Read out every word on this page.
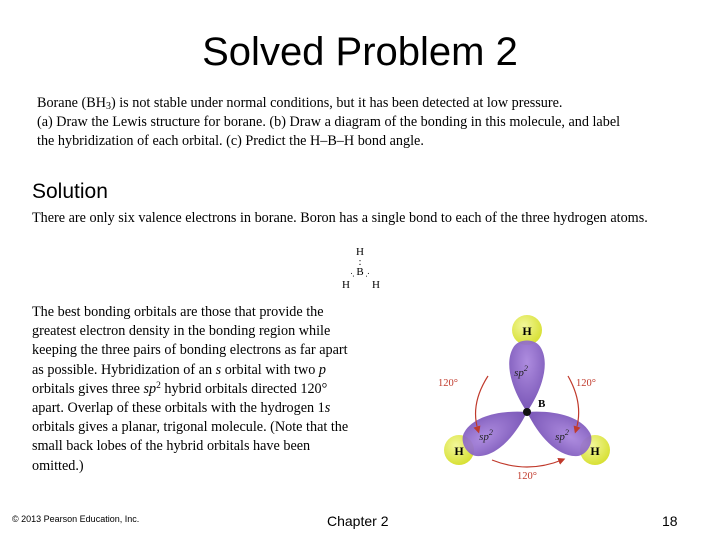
Solved Problem 2
Borane $(BH_3)$ is not stable under normal conditions, but it has been detected at low pressure.
(a) Draw the Lewis structure for borane. (b) Draw a diagram of the bonding in this molecule, and label
the hybridization of each orbital. (c) Predict the H–B–H bond angle.
Solution
There are only six valence electrons in borane. Boron has a single bond to each of the three hydrogen atoms.
H
:
B
: :
H H
The best bonding orbitals are those that provide the greatest electron density in the bonding region while keeping the three pairs of bonding electrons as far apart as possible. Hybridization of an s orbital with two p orbitals gives three $sp^2$ hybrid orbitals directed 120° apart. Overlap of these orbitals with the hydrogen 1s orbitals gives a planar, trigonal molecule. (Note that the small back lobes of the hybrid orbitals have been omitted.)
H
H	H
B
$sp^2$
$sp^2$	$sp^2$
120°	120°
120°
© 2013 Pearson Education, Inc.	Chapter 2	18
